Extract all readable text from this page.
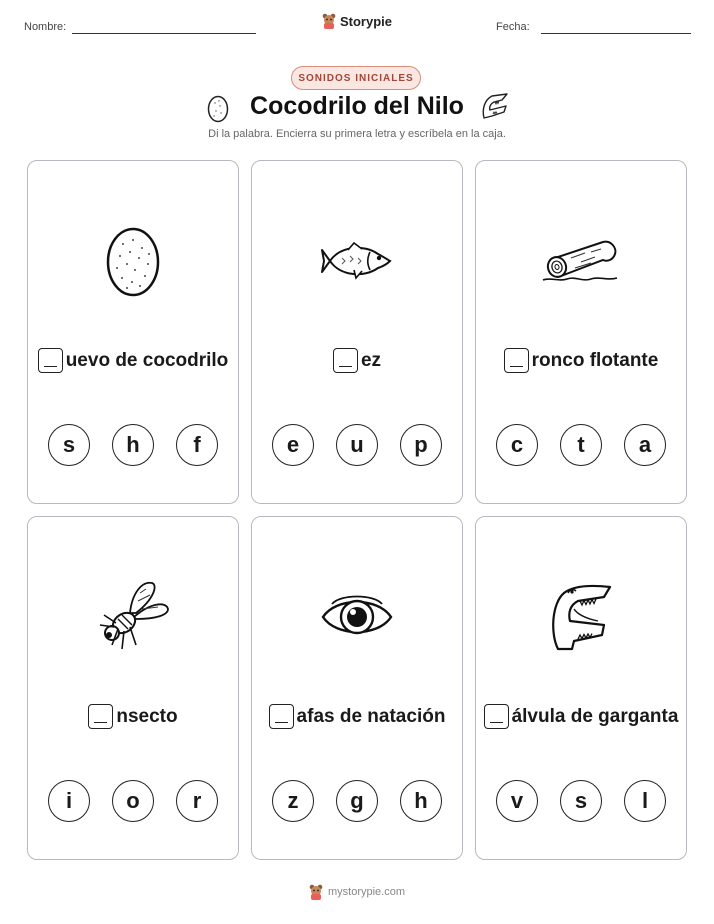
Nombre:	Storypie	Fecha:
SONIDOS INICIALES
Cocodrilo del Nilo
Di la palabra. Encierra su primera letra y escríbela en la caja.
uevo de cocodrilo
s	h	f
ez
e	u	p
ronco flotante
c	t	a
nsecto
i	o	r
afas de natación
z	g	h
álvula de garganta
v	s	l
mystorypie.com
